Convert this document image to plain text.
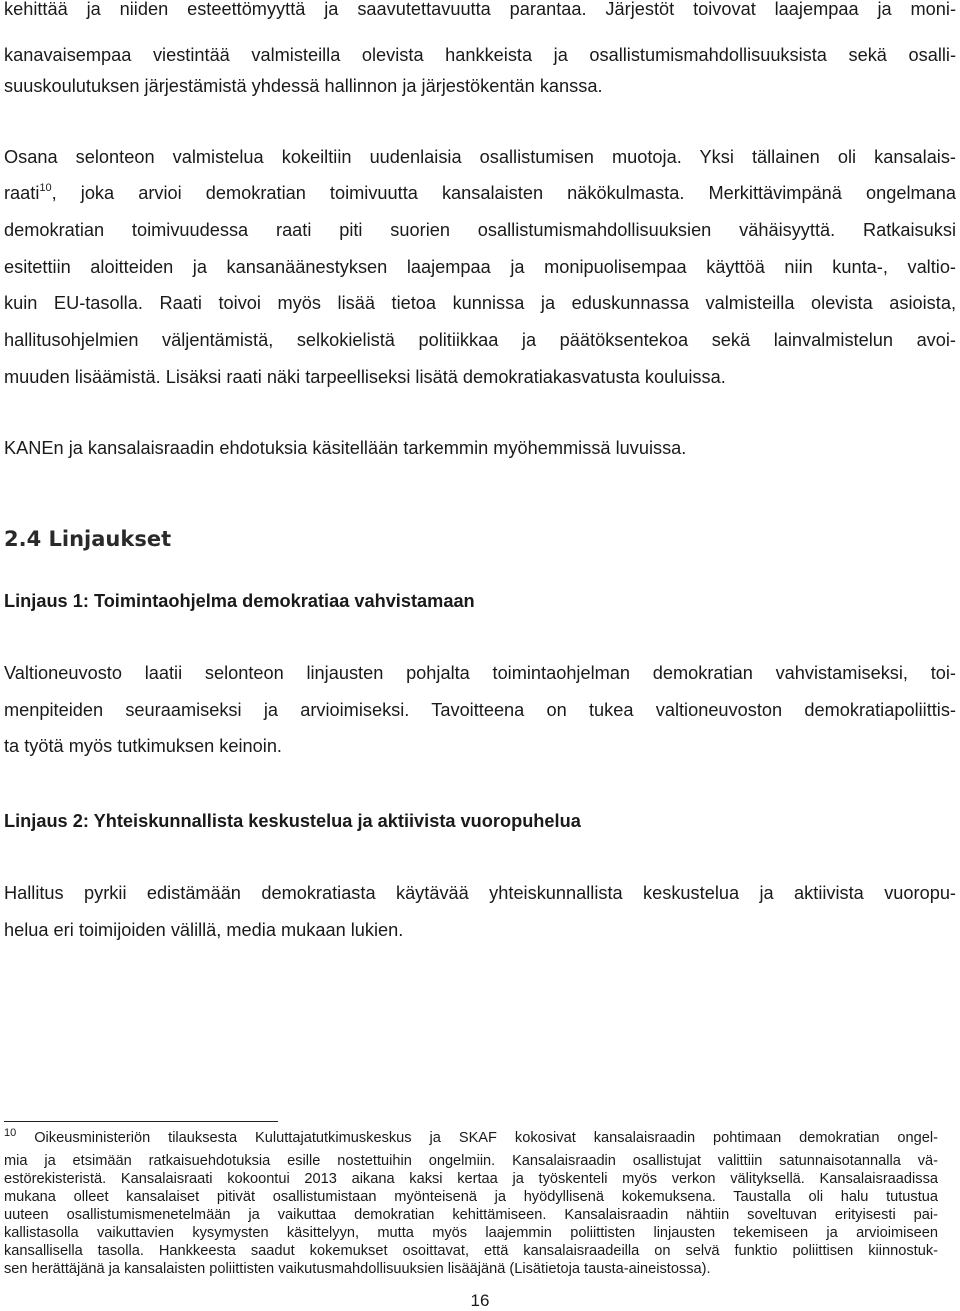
kehittää ja niiden esteettömyyttä ja saavutettavuutta parantaa. Järjestöt toivovat laajempaa ja moni-
kanavaisempaa viestintää valmisteilla olevista hankkeista ja osallistumismahdollisuuksista sekä osalli-
suuskoulutuksen järjestämistä yhdessä hallinnon ja järjestökentän kanssa.
Osana selonteon valmistelua kokeiltiin uudenlaisia osallistumisen muotoja. Yksi tällainen oli kansalais-
raati$^{10}$, joka arvioi demokratian toimivuutta kansalaisten näkökulmasta. Merkittävimpänä ongelmana
demokratian toimivuudessa raati piti suorien osallistumismahdollisuuksien vähäisyyttä. Ratkaisuksi
esitettiin aloitteiden ja kansanäänestyksen laajempaa ja monipuolisempaa käyttöä niin kunta-, valtio-
kuin EU-tasolla. Raati toivoi myös lisää tietoa kunnissa ja eduskunnassa valmisteilla olevista asioista,
hallitusohjelmien väljentämistä, selkokielistä politiikkaa ja päätöksentekoa sekä lainvalmistelun avoi-
muuden lisäämistä. Lisäksi raati näki tarpeelliseksi lisätä demokratiakasvatusta kouluissa.
KANEn ja kansalaisraadin ehdotuksia käsitellään tarkemmin myöhemmissä luvuissa.
2.4 Linjaukset
Linjaus 1: Toimintaohjelma demokratiaa vahvistamaan
Valtioneuvosto laatii selonteon linjausten pohjalta toimintaohjelman demokratian vahvistamiseksi, toi-
menpiteiden seuraamiseksi ja arvioimiseksi. Tavoitteena on tukea valtioneuvoston demokratiapoliittis-
ta työtä myös tutkimuksen keinoin.
Linjaus 2: Yhteiskunnallista keskustelua ja aktiivista vuoropuhelua
Hallitus pyrkii edistämään demokratiasta käytävää yhteiskunnallista keskustelua ja aktiivista vuoropu-
helua eri toimijoiden välillä, media mukaan lukien.
$^{10}$ Oikeusministeriön tilauksesta Kuluttajatutkimuskeskus ja SKAF kokosivat kansalaisraadin pohtimaan demokratian ongel-
mia ja etsimään ratkaisuehdotuksia esille nostettuihin ongelmiin. Kansalaisraadin osallistujat valittiin satunnaisotannalla vä-
estörekisteristä. Kansalaisraati kokoontui 2013 aikana kaksi kertaa ja työskenteli myös verkon välityksellä. Kansalaisraadissa
mukana olleet kansalaiset pitivät osallistumistaan myönteisenä ja hyödyllisenä kokemuksena. Taustalla oli halu tutustua
uuteen osallistumismenetelmään ja vaikuttaa demokratian kehittämiseen. Kansalaisraadin nähtiin soveltuvan erityisesti pai-
kallistasolla vaikuttavien kysymysten käsittelyyn, mutta myös laajemmin poliittisten linjausten tekemiseen ja arvioimiseen
kansallisella tasolla. Hankkeesta saadut kokemukset osoittavat, että kansalaisraadeilla on selvä funktio poliittisen kiinnostuk-
sen herättäjänä ja kansalaisten poliittisten vaikutusmahdollisuuksien lisääjänä (Lisätietoja tausta-aineistossa).
16
